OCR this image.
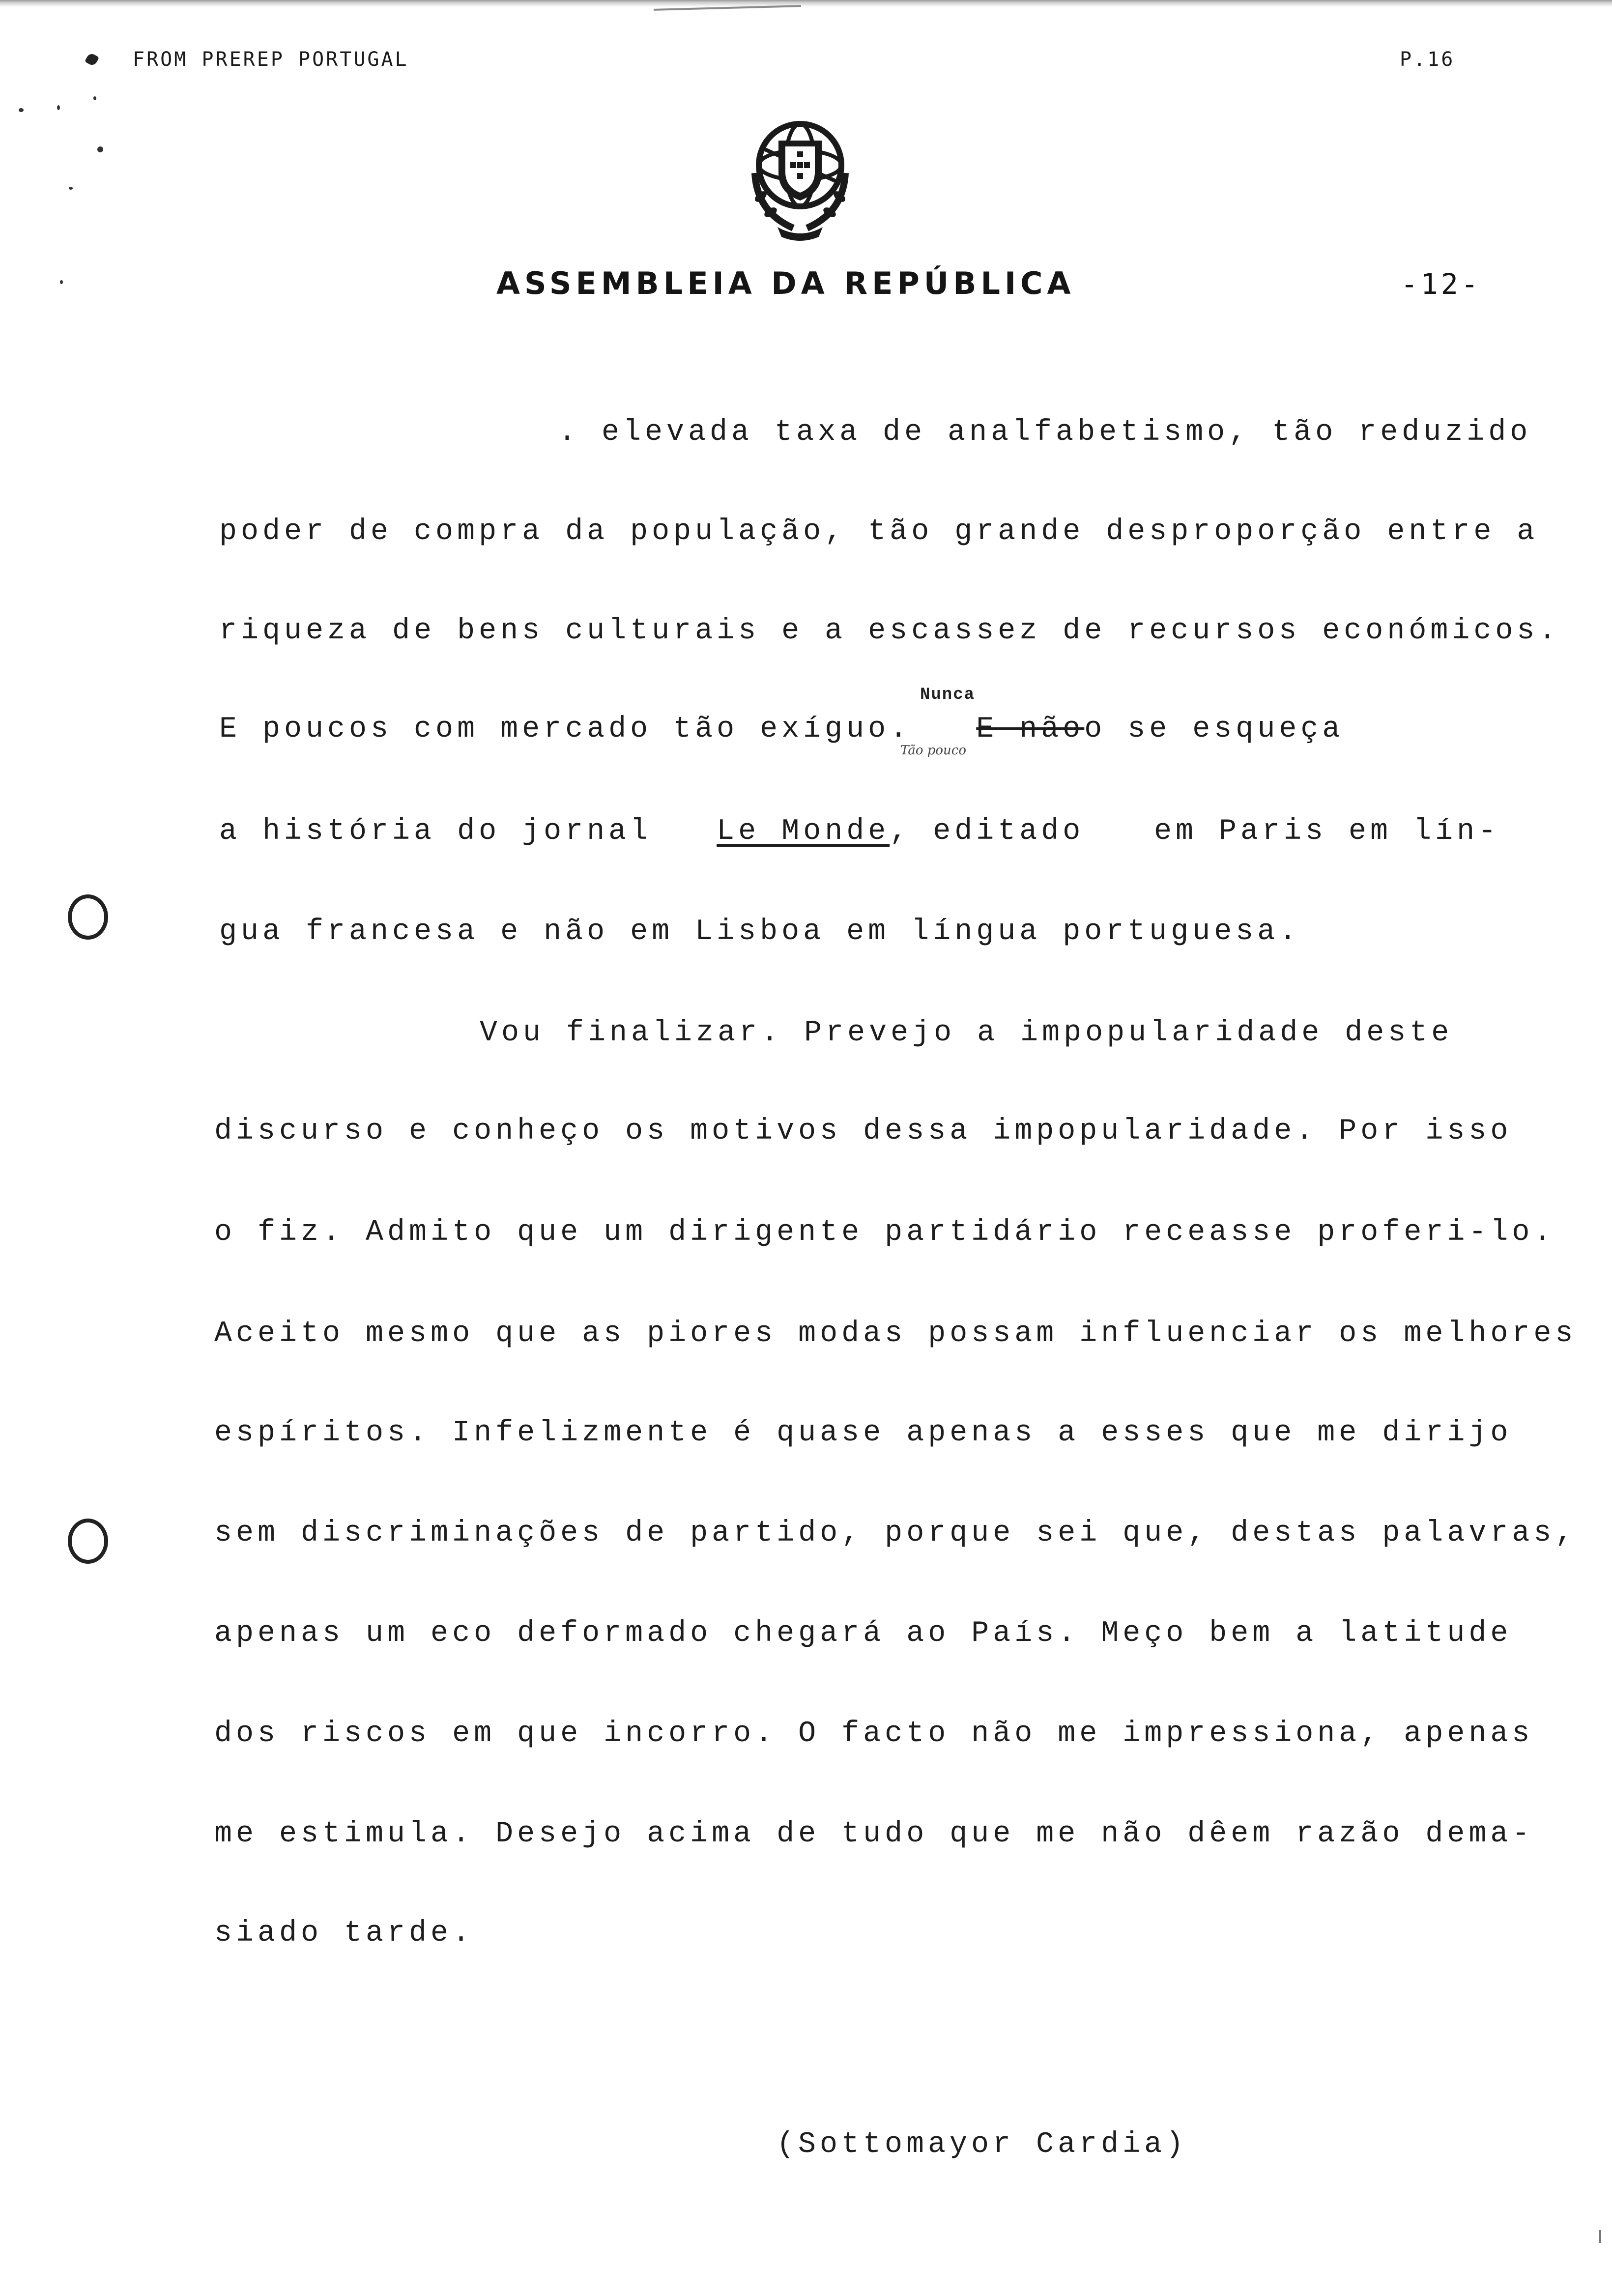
FROM PREREP PORTUGAL	P.16
ASSEMBLEIA DA REPÚBLICA	-12-
. elevada taxa de analfabetismo, tão reduzido
poder de compra da população, tão grande desproporção entre a
riqueza de bens culturais e a escassez de recursos económicos.
E poucos com mercado tão exíguo. E nãoo se esqueça
Nunca
Tão pouco
a história do jornal Le Monde, editado em Paris em lín-
gua francesa e não em Lisboa em língua portuguesa.
Vou finalizar. Prevejo a impopularidade deste
discurso e conheço os motivos dessa impopularidade. Por isso
o fiz. Admito que um dirigente partidário receasse proferi-lo.
Aceito mesmo que as piores modas possam influenciar os melhores
espíritos. Infelizmente é quase apenas a esses que me dirijo
sem discriminações de partido, porque sei que, destas palavras,
apenas um eco deformado chegará ao País. Meço bem a latitude
dos riscos em que incorro. O facto não me impressiona, apenas
me estimula. Desejo acima de tudo que me não dêem razão dema-
siado tarde.
(Sottomayor Cardia)
